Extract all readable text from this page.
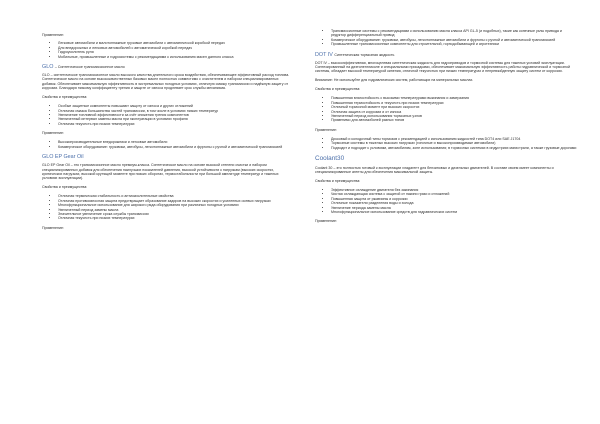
Применение:

• Легковые автомобили и малотоннажные грузовые автомобили с автоматической коробкой передач
• Для внедорожных и легковых автомобилей с автоматической коробкой передач
• Гидроусилитель руля
• Мобильные, промышленные и гидросистемы с рекомендациями к использованию масел данного класса
GLO – Синтетическое трансмиссионное масло

GLO – синтетическое трансмиссионное масло высокого качества длительного срока воздействия, обеспечивающее эффективный расход топлива. Синтетическое масло на основе высококачественных базовых масел полностью совместимо с очистителем и набором специализированных добавок. Обеспечивает максимальную эффективность в экстремальных погодных условиях, отличную смазку трансмиссии и надёжную защиту от коррозии. Благодаря низкому коэффициенту трения и защите от износа продлевает срок службы механизма.

Свойства и преимущества:

• Особые защитные компоненты повышают защиту от износа и других отложений
• Отличная смазка большинства частей трансмиссии, в том числе в условиях низких температур
• Увеличение топливной эффективности за счёт снижения трения компонентов
• Увеличенный интервал замены масла при эксплуатации в условиях профиля
• Отличная текучесть при низких температурах

Применение:

• Высокопроизводительные внедорожники и легковые автомобили
• Коммерческое оборудование: грузовики, автобусы, легкотоннажные автомобили и фургоны с ручной и автоматической трансмиссией
GLO EP Gear Oil

GLO EP Gear Oil – это трансмиссионное масло премиум-класса. Синтетическое масло на основе высокой степени очистки и набором специализированных добавок для обеспечения наилучших показателей давления, высокой устойчивости к нагрузкам (высоких скоростях, критических нагрузках, высокой крутящей моменте при низких оборотах, термостабильности при большой амплитуде температур и тяжелых условиях эксплуатации).

Свойства и преимущества:

• Отличная термическая стабильность и антиокислительные свойства
• Отличная противоизносная защита предотвращает образование задиров на высоких скоростях и усиленных осевых нагрузках
• Многофункциональное использование для широкого ряда оборудования при различных погодных условиях
• Увеличенный период замены масла
• Значительное увеличение срока службы трансмиссии
• Отличная текучесть при низких температурах

Применение:

• Трансмиссионные системы с рекомендациями к использованию масла класса API GL-5 (и подобных), такие как конечные узлы привода и редуктор дифференциальный привод
• Коммерческое оборудование: грузовики, автобусы, легкотоннажные автомобили и фургоны с ручной и автоматической трансмиссией
• Промышленные трансмиссионные компоненты для строительной, горнодобывающей и агротехники
DOT IV Синтетическая тормозная жидкость

DOT IV – высокоэффективная, многоцелевая синтетическая жидкость для гидроприводов и тормозной системы для тяжелых условий эксплуатации. Синтезированный на диэтиленгликоле и специальными присадками, обеспечивает максимальную эффективность работы гидравлической и тормозной системы, обладает высокой температурой кипения, отличной текучестью при низких температурах и непревзойденную защиту систем от коррозии.

Внимание: Не используйте для гидравлических систем, работающих на минеральных маслах.

Свойства и преимущества:

• Повышенная влагостойкость с высокими температурами выкипания и замерзания
• Повышенная термостойкость и текучесть при низких температурах
• Отличный тормозной момент при высоких скоростях
• Отличная защита от коррозии и от износа
• Увеличенный период использования тормозных узлов
• Применимо для автомобилей разных типов

Применение:

• Дисковый и колодочный типы тормозов с рекомендацией к использованию жидкостей типа DOT4 или SAE J1704
• Тормозные системы в тяжелых высоких нагрузках (гоночные и высокопроизводимые автомобили)
• Подходит и подходит к условиям, автомобилям, зоне использования; в тормозных системах в индустриях магистрали, а также грузовые дорогами
Coolant30

Coolant 30 – это полностью готовый к эксплуатации хладагент для бензиновых и дизельных двигателей. В составе своем имеет компоненты и специализированные агенты для обеспечения максимальной защиты.

Свойства и преимущества:

• Эффективное охлаждение двигателя без закипания
• Чистая охлаждающая система с защитой от накипи грязи и отложений
• Повышенная защита от ржавчины и коррозии
• Отличные показатели разделения воды и холода
• Увеличение периода замены масла
• Многофункциональное использование средств для гидравлических систем

Применение:
